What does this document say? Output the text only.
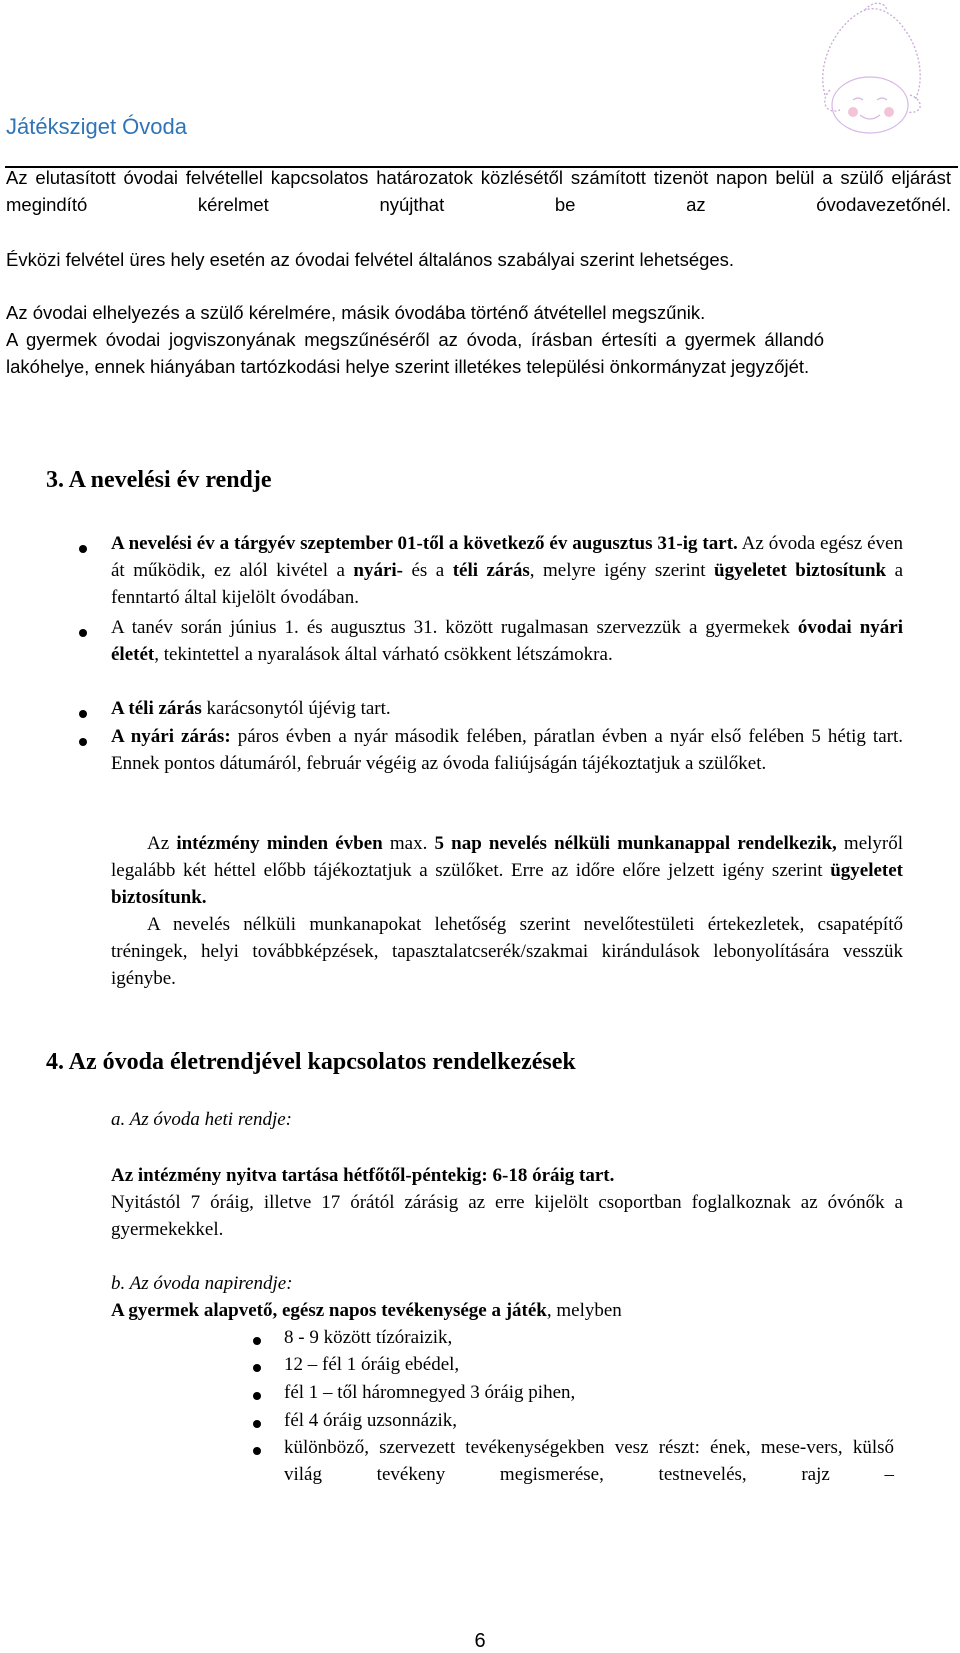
Játéksziget Óvoda

Az elutasított óvodai felvétellel kapcsolatos határozatok közlésétől számított tizenöt napon belül a szülő eljárást megindító kérelmet nyújthat be az óvodavezetőnél.

Évközi felvétel üres hely esetén az óvodai felvétel általános szabályai szerint lehetséges.

Az óvodai elhelyezés a szülő kérelmére, másik óvodába történő átvétellel megszűnik.

A gyermek óvodai jogviszonyának megszűnéséről az óvoda, írásban értesíti a gyermek állandó lakóhelye, ennek hiányában tartózkodási helye szerint illetékes települési önkormányzat jegyzőjét.

3. A nevelési év rendje

A nevelési év a tárgyév szeptember 01-től a következő év augusztus 31-ig tart. Az óvoda egész éven át működik, ez alól kivétel a nyári- és a téli zárás, melyre igény szerint ügyeletet biztosítunk a fenntartó által kijelölt óvodában.

A tanév során június 1. és augusztus 31. között rugalmasan szervezzük a gyermekek óvodai nyári életét, tekintettel a nyaralások által várható csökkent létszámokra.

A téli zárás karácsonytól újévig tart.

A nyári zárás: páros évben a nyár második felében, páratlan évben a nyár első felében 5 hétig tart. Ennek pontos dátumáról, február végéig az óvoda faliújságán tájékoztatjuk a szülőket.

Az intézmény minden évben max. 5 nap nevelés nélküli munkanappal rendelkezik, melyről legalább két héttel előbb tájékoztatjuk a szülőket. Erre az időre előre jelzett igény szerint ügyeletet biztosítunk.

A nevelés nélküli munkanapokat lehetőség szerint nevelőtestületi értekezletek, csapatépítő tréningek, helyi továbbképzések, tapasztalatcserék/szakmai kirándulások lebonyolítására vesszük igénybe.

4. Az óvoda életrendjével kapcsolatos rendelkezések

a. Az óvoda heti rendje:

Az intézmény nyitva tartása hétfőtől-péntekig: 6-18 óráig tart.

Nyitástól 7 óráig, illetve 17 órától zárásig az erre kijelölt csoportban foglalkoznak az óvónők a gyermekekkel.

b. Az óvoda napirendje:

A gyermek alapvető, egész napos tevékenysége a játék, melyben

8 - 9 között tízóraizik,

12 – fél 1 óráig ebédel,

fél 1 – től háromnegyed 3 óráig pihen,

fél 4 óráig uzsonnázik,

különböző, szervezett tevékenységekben vesz részt: ének, mese-vers, külső világ tevékeny megismerése, testnevelés, rajz –

6
